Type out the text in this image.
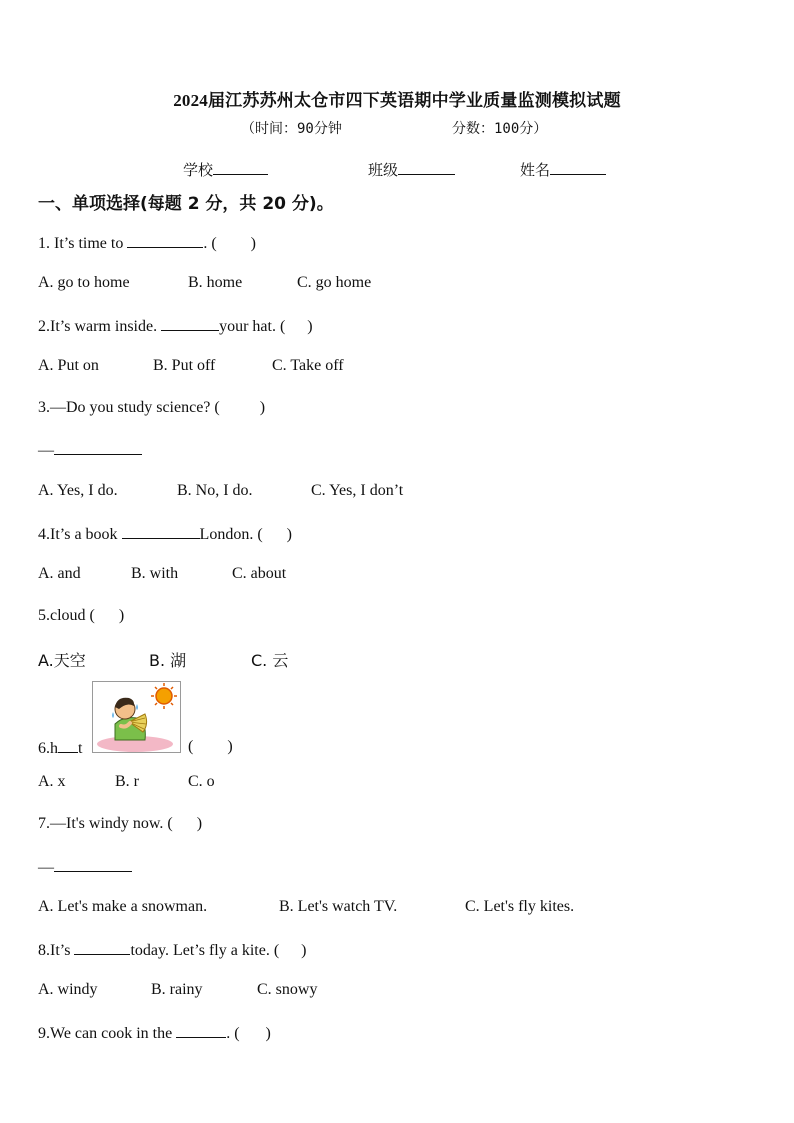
2024届江苏苏州太仓市四下英语期中学业质量监测模拟试题
（时间：90分钟	分数：100分）
学校	班级	姓名
一、单项选择(每题 2 分，共 20 分)。
1. It’s time to	. ( )
A. go to home	B. home	C. go home
2.It’s warm inside.	your hat. ( )
A. Put on	B. Put off	C. Take off
3.—Do you study science? (	)
—
A. Yes, I do.	B. No, I do.	C. Yes, I don’t
4.It’s a book	London. ( )
A. and	B. with	C. about
5.cloud ( )
A.天空	B. 湖	C. 云
6.h t	( )
A. x	B. r	C. o
7.—It's windy now. ( )
—
A. Let's make a snowman.	B. Let's watch TV.	C. Let's fly kites.
8.It’s	today. Let’s fly a kite. ( )
A. windy	B. rainy	C. snowy
9.We can cook in the	. ( )
